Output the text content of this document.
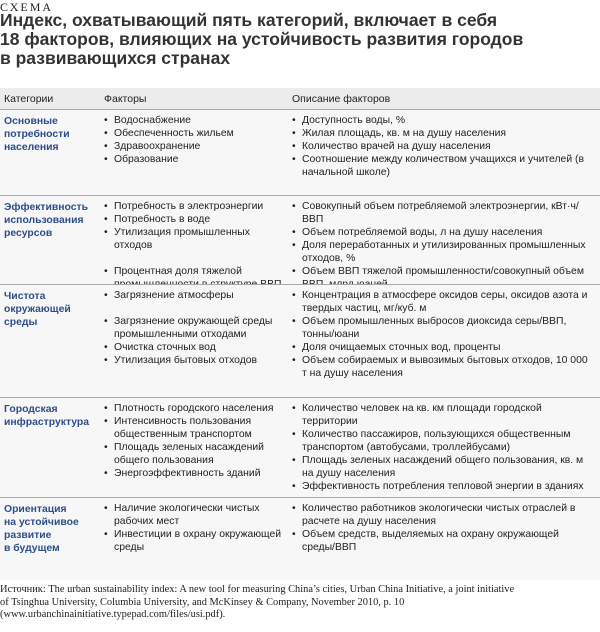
СХЕМА
Индекс, охватывающий пять категорий, включает в себя
18 факторов, влияющих на устойчивость развития городов
в развивающихся странах
Категории	Факторы	Описание факторов
Основные
потребности
населения
• Водоснабжение
• Обеспеченность жильем
• Здравоохранение
• Образование
• Доступность воды, %
• Жилая площадь, кв. м на душу населения
• Количество врачей на душу населения
• Соотношение между количеством учащихся и учителей (в начальной школе)
Эффективность
использования
ресурсов
• Потребность в электроэнергии
• Потребность в воде
• Утилизация промышленных отходов
• Процентная доля тяжелой
• Совокупный объем потребляемой электроэнергии, кВт·ч/ВВП
• Объем потребляемой воды, л на душу населения
• Доля переработанных и утилизированных промышленных отходов, %
• Объем ВВП тяжелой промышленности/совокупный объем
Чистота
окружающей
среды
• Загрязнение атмосферы
• Загрязнение окружающей среды промышленными отходами
• Очистка сточных вод
• Утилизация бытовых отходов
• Концентрация в атмосфере оксидов серы, оксидов азота и твердых частиц, мг/куб. м
• Объем промышленных выбросов диоксида серы/ВВП, тонны/юани
• Доля очищаемых сточных вод, проценты
• Объем собираемых и вывозимых бытовых отходов, 10 000 т на душу населения
Городская
инфраструктура
• Плотность городского населения
• Интенсивность пользования общественным транспортом
• Площадь зеленых насаждений общего пользования
• Энергоэффективность зданий
• Количество человек на кв. км площади городской территории
• Количество пассажиров, пользующихся общественным транспортом (автобусами, троллейбусами)
• Площадь зеленых насаждений общего пользования, кв. м на душу населения
• Эффективность потребления тепловой энергии в зданиях
Ориентация
на устойчивое
развитие
в будущем
• Наличие экологически чистых рабочих мест
• Инвестиции в охрану окружающей среды
• Количество работников экологически чистых отраслей в расчете на душу населения
• Объем средств, выделяемых на охрану окружающей среды/ВВП
Источник: The urban sustainability index: A new tool for measuring China’s cities, Urban China Initiative, a joint initiative
of Tsinghua University, Columbia University, and McKinsey & Company, November 2010, p. 10
(www.urbanchinainitiative.typepad.com/files/usi.pdf).
